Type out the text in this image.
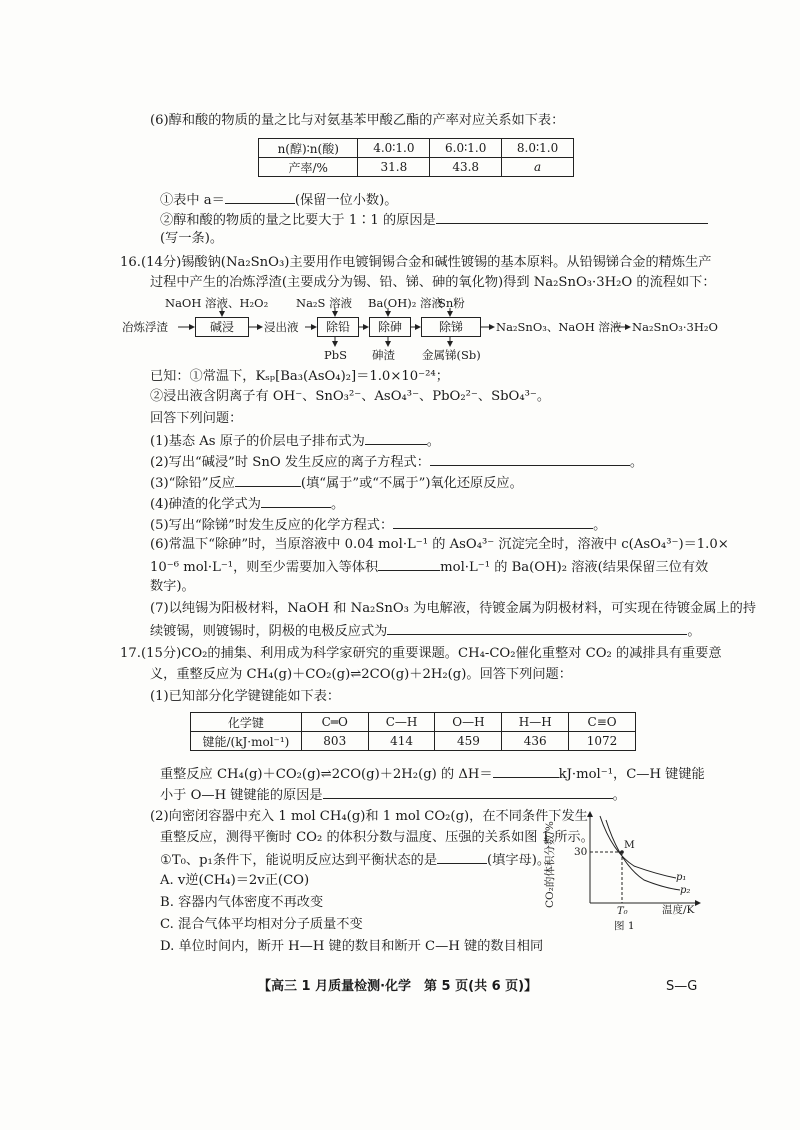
(6)醇和酸的物质的量之比与对氨基苯甲酸乙酯的产率对应关系如下表：
n(醇)∶n(酸)	4.0∶1.0	6.0∶1.0	8.0∶1.0
产率/%	31.8	43.8	a
①表中 a＝	(保留一位小数)。
②醇和酸的物质的量之比要大于 1∶1 的原因是
(写一条)。
16.(14分)锡酸钠(Na₂SnO₃)主要用作电镀铜锡合金和碱性镀锡的基本原料。从铅锡锑合金的精炼生产
过程中产生的冶炼浮渣(主要成分为锡、铅、锑、砷的氧化物)得到 Na₂SnO₃·3H₂O 的流程如下：
NaOH 溶液、H₂O₂ Na₂S 溶液 Ba(OH)₂ 溶液
Sn粉
冶炼浮渣	碱浸	浸出液	除铅	除砷	除锑	Na₂SnO₃、NaOH 溶液 Na₂SnO₃·3H₂O
PbS 砷渣 金属锑(Sb)
已知：①常温下，Kₛₚ[Ba₃(AsO₄)₂]＝1.0×10⁻²⁴；
②浸出液含阴离子有 OH⁻、SnO₃²⁻、AsO₄³⁻、PbO₂²⁻、SbO₄³⁻。
回答下列问题：
(1)基态 As 原子的价层电子排布式为	。
(2)写出“碱浸”时 SnO 发生反应的离子方程式：	。
(3)“除铅”反应	(填“属于”或“不属于”)氧化还原反应。
(4)砷渣的化学式为	。
(5)写出“除锑”时发生反应的化学方程式：	。
(6)常温下“除砷”时，当原溶液中 0.04 mol·L⁻¹ 的 AsO₄³⁻ 沉淀完全时，溶液中 c(AsO₄³⁻)＝1.0×
10⁻⁶ mol·L⁻¹，则至少需要加入等体积	mol·L⁻¹ 的 Ba(OH)₂ 溶液(结果保留三位有效
数字)。
(7)以纯锡为阳极材料，NaOH 和 Na₂SnO₃ 为电解液，待镀金属为阴极材料，可实现在待镀金属上的持
续镀锡，则镀锡时，阴极的电极反应式为	。
17.(15分)CO₂的捕集、利用成为科学家研究的重要课题。CH₄-CO₂催化重整对 CO₂ 的减排具有重要意
义，重整反应为 CH₄(g)＋CO₂(g)⇌2CO(g)＋2H₂(g)。回答下列问题：
(1)已知部分化学键键能如下表：
化学键	C═O	C—H	O—H	H—H	C≡O
键能/(kJ·mol⁻¹)	803	414	459	436	1072
重整反应 CH₄(g)＋CO₂(g)⇌2CO(g)＋2H₂(g) 的 ΔH＝	kJ·mol⁻¹，C—H 键键能
小于 O—H 键键能的原因是	。
(2)向密闭容器中充入 1 mol CH₄(g)和 1 mol CO₂(g)，在不同条件下发生
重整反应，测得平衡时 CO₂ 的体积分数与温度、压强的关系如图 1 所示。
①T₀、p₁条件下，能说明反应达到平衡状态的是	(填字母)。
A. v逆(CH₄)＝2v正(CO)
B. 容器内气体密度不再改变
C. 混合气体平均相对分子质量不变
D. 单位时间内，断开 H—H 键的数目和断开 C—H 键的数目相同
CO₂的体积分数/% 30
M
p₁
p₂
T₀	温度/K
图 1
【高三 1 月质量检测·化学　第 5 页(共 6 页)】	S—G
